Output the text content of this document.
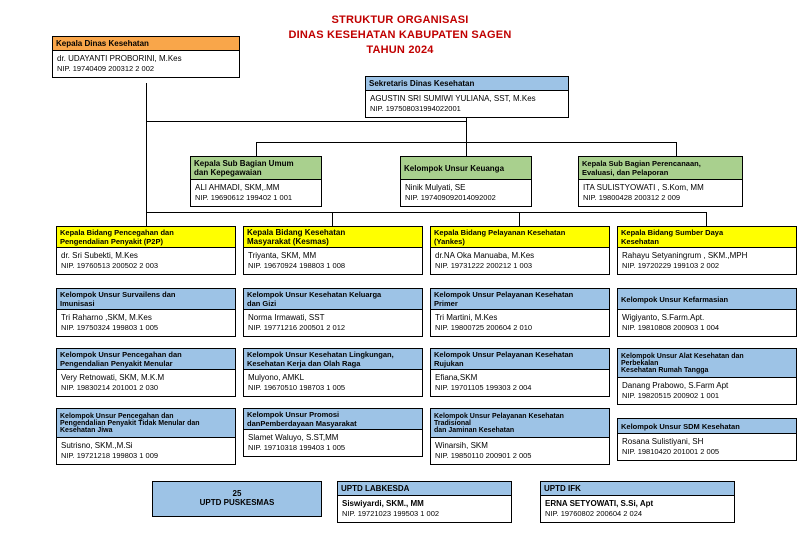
STRUKTUR ORGANISASI
DINAS KESEHATAN KABUPATEN SAGEN
TAHUN 2024
Kepala Dinas Kesehatan
dr. UDAYANTI PROBORINI, M.Kes
NIP. 19740409 200312 2 002
Sekretaris Dinas Kesehatan
AGUSTIN SRI SUMIWI YULIANA, SST, M.Kes
NIP. 197508031994022001
Kepala Sub Bagian Umum
dan Kepegawaian
ALI AHMADI, SKM,.MM
NIP. 19690612 199402 1 001
Kelompok Unsur Keuanga
Ninik Mulyati, SE
NIP. 197409092014092002
Kepala Sub Bagian Perencanaan,
Evaluasi, dan Pelaporan
ITA SULISTYOWATI , S.Kom, MM
NIP. 19800428 200312 2 009
Kepala Bidang Pencegahan dan
Pengendalian Penyakit (P2P)
dr. Sri Subekti, M.Kes
NIP. 19760513 200502 2 003
Kelompok Unsur Survailens dan
Imunisasi
Tri Raharno ,SKM, M.Kes
NIP. 19750324 199803 1 005
Kelompok Unsur Pencegahan dan
Pengendalian Penyakit Menular
Very Retnowati, SKM, M.K.M
NIP. 19830214 201001 2 030
Kelompok Unsur Pencegahan dan
Pengendalian Penyakit Tidak Menular dan
Kesehatan Jiwa
Sutrisno, SKM.,M.Si
NIP. 19721218 199803 1 009
Kepala Bidang Kesehatan
Masyarakat (Kesmas)
Triyanta, SKM, MM
NIP. 19670924 198803 1 008
Kelompok Unsur Kesehatan Keluarga
dan Gizi
Norma Irmawati, SST
NIP. 19771216 200501 2 012
Kelompok Unsur Kesehatan Lingkungan,
Kesehatan Kerja dan Olah Raga
Mulyono, AMKL
NIP. 19670510 198703 1 005
Kelompok Unsur Promosi
danPemberdayaan Masyarakat
Slamet Waluyo, S.ST,MM
NIP. 19710318 199403 1 005
Kepala Bidang Pelayanan Kesehatan
(Yankes)
dr.NA Oka Manuaba, M.Kes
NIP. 19731222 200212 1 003
Kelompok Unsur Pelayanan Kesehatan
Primer
Tri Martini, M.Kes
NIP. 19800725 200604 2 010
Kelompok Unsur Pelayanan Kesehatan
Rujukan
Efiana,SKM
NIP. 19701105 199303 2 004
Kelompok Unsur Pelayanan Kesehatan
Tradisional
dan Jaminan Kesehatan
Winarsih, SKM
NIP. 19850110 200901 2 005
Kepala Bidang Sumber Daya
Kesehatan
Rahayu Setyaningrum , SKM.,MPH
NIP. 19720229 199103 2 002
Kelompok Unsur Kefarmasian
Wigiyanto, S.Farm.Apt.
NIP. 19810808 200903 1 004
Kelompok Unsur Alat Kesehatan dan
Perbekalan
Kesehatan Rumah Tangga
Danang Prabowo, S.Farm Apt
NIP. 19820515 200902 1 001
Kelompok Unsur SDM Kesehatan
Rosana Sulistiyani, SH
NIP. 19810420 201001 2 005
25
UPTD PUSKESMAS
UPTD LABKESDA
Siswiyardi, SKM., MM
NIP. 19721023 199503 1 002
UPTD IFK
ERNA SETYOWATI, S.Si, Apt
NIP. 19760802 200604 2 024
